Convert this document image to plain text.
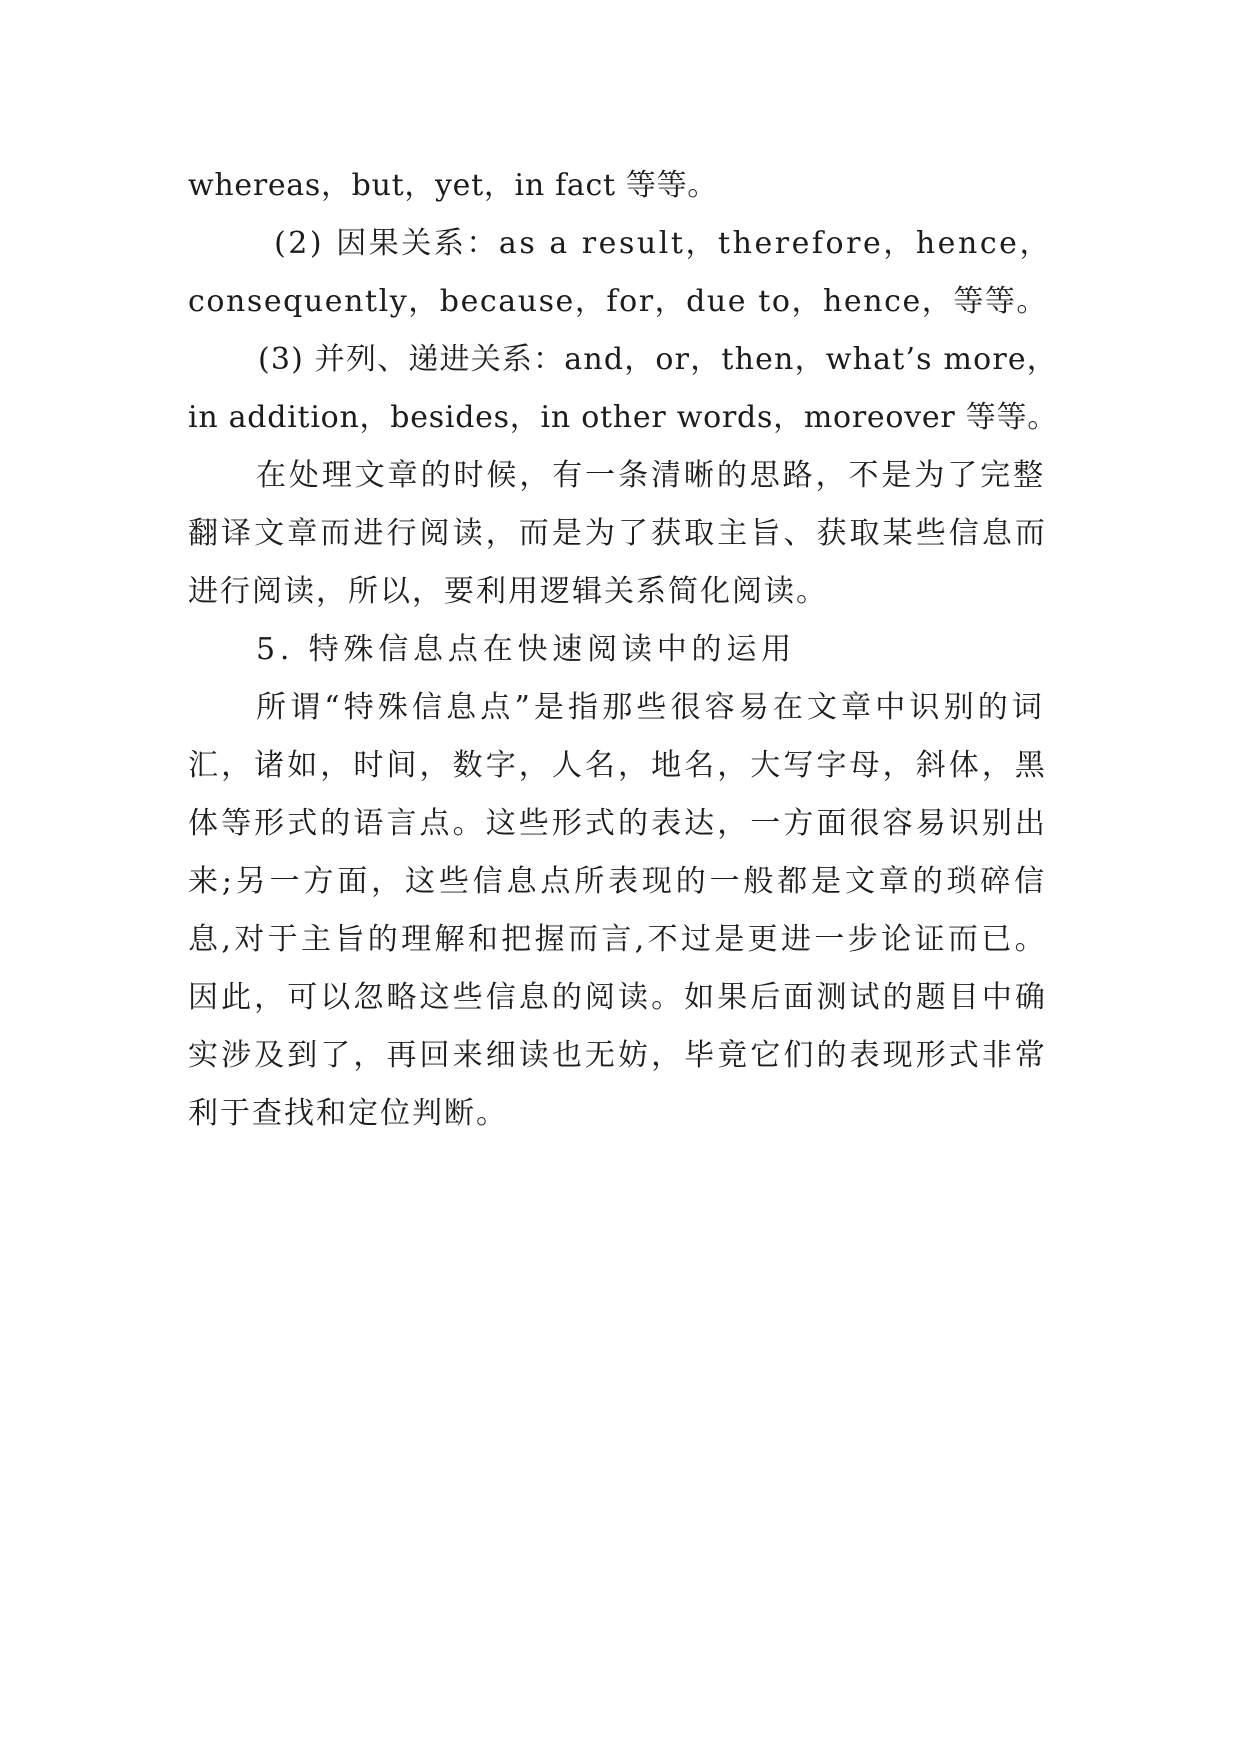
whereas，but，yet，in fact 等等。
(2) 因果关系：as a result，therefore，hence，
consequently，because，for，due to，hence，等等。
(3) 并列、递进关系：and，or，then，what’s more，
in addition，besides，in other words，moreover 等等。
在处理文章的时候，有一条清晰的思路，不是为了完整
翻译文章而进行阅读，而是为了获取主旨、获取某些信息而
进行阅读，所以，要利用逻辑关系简化阅读。
5. 特殊信息点在快速阅读中的运用
所谓“特殊信息点”是指那些很容易在文章中识别的词
汇，诸如，时间，数字，人名，地名，大写字母，斜体，黑
体等形式的语言点。这些形式的表达，一方面很容易识别出
来;另一方面，这些信息点所表现的一般都是文章的琐碎信
息,对于主旨的理解和把握而言,不过是更进一步论证而已。
因此，可以忽略这些信息的阅读。如果后面测试的题目中确
实涉及到了，再回来细读也无妨，毕竟它们的表现形式非常
利于查找和定位判断。
